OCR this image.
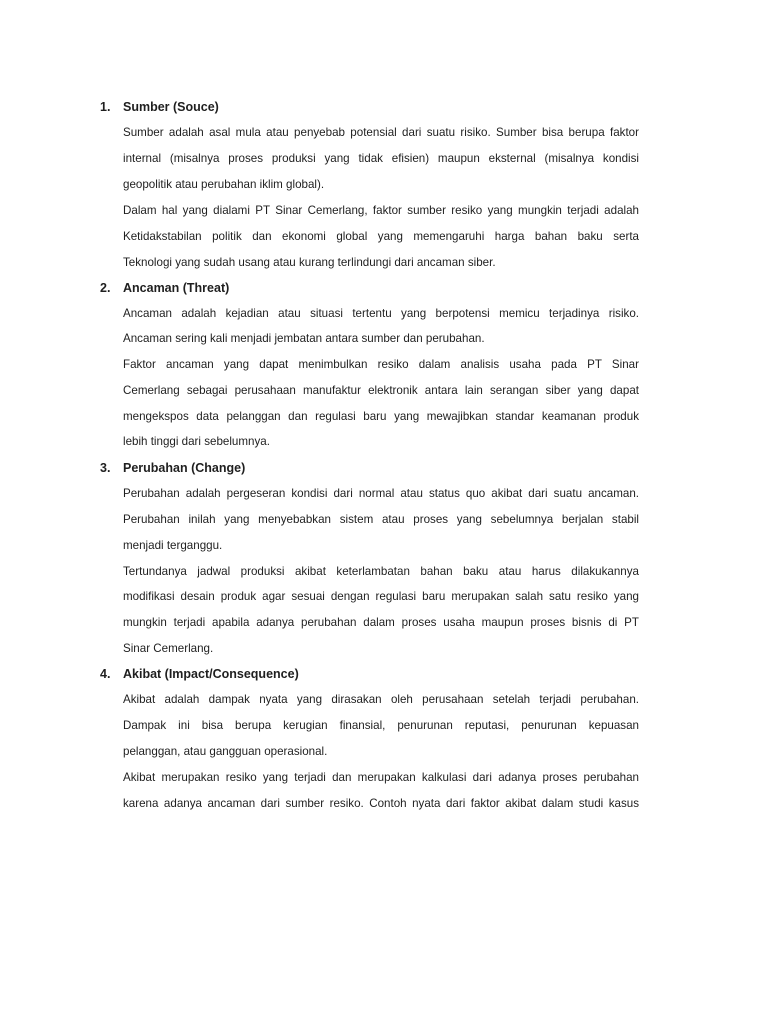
1. Sumber (Souce)
Sumber adalah asal mula atau penyebab potensial dari suatu risiko. Sumber bisa berupa faktor
internal (misalnya proses produksi yang tidak efisien) maupun eksternal (misalnya kondisi
geopolitik atau perubahan iklim global).
Dalam hal yang dialami PT Sinar Cemerlang, faktor sumber resiko yang mungkin terjadi adalah
Ketidakstabilan politik dan ekonomi global yang memengaruhi harga bahan baku serta
Teknologi yang sudah usang atau kurang terlindungi dari ancaman siber.
2. Ancaman (Threat)
Ancaman adalah kejadian atau situasi tertentu yang berpotensi memicu terjadinya risiko.
Ancaman sering kali menjadi jembatan antara sumber dan perubahan.
Faktor ancaman yang dapat menimbulkan resiko dalam analisis usaha pada PT Sinar
Cemerlang sebagai perusahaan manufaktur elektronik antara lain serangan siber yang dapat
mengekspos data pelanggan dan regulasi baru yang mewajibkan standar keamanan produk
lebih tinggi dari sebelumnya.
3. Perubahan (Change)
Perubahan adalah pergeseran kondisi dari normal atau status quo akibat dari suatu ancaman.
Perubahan inilah yang menyebabkan sistem atau proses yang sebelumnya berjalan stabil
menjadi terganggu.
Tertundanya jadwal produksi akibat keterlambatan bahan baku atau harus dilakukannya
modifikasi desain produk agar sesuai dengan regulasi baru merupakan salah satu resiko yang
mungkin terjadi apabila adanya perubahan dalam proses usaha maupun proses bisnis di PT
Sinar Cemerlang.
4. Akibat (Impact/Consequence)
Akibat adalah dampak nyata yang dirasakan oleh perusahaan setelah terjadi perubahan.
Dampak ini bisa berupa kerugian finansial, penurunan reputasi, penurunan kepuasan
pelanggan, atau gangguan operasional.
Akibat merupakan resiko yang terjadi dan merupakan kalkulasi dari adanya proses perubahan
karena adanya ancaman dari sumber resiko. Contoh nyata dari faktor akibat dalam studi kasus
